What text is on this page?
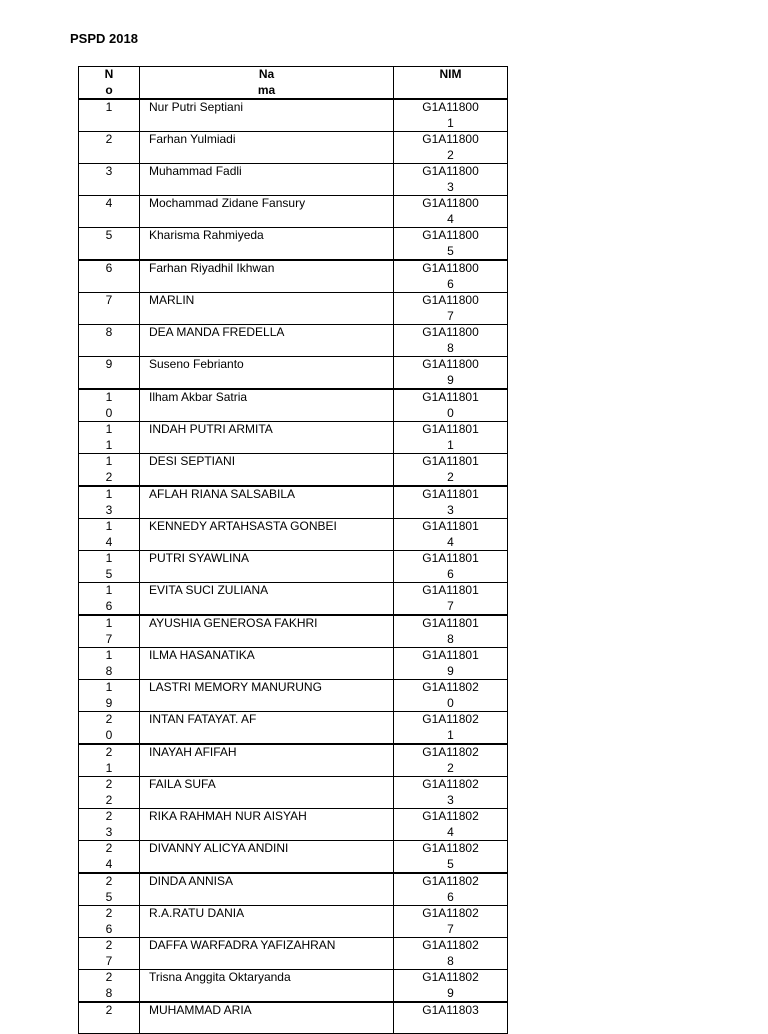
PSPD 2018
No	Nama	NIM

1	Nur Putri Septiani	G1A118001

2	Farhan Yulmiadi	G1A118002

3	Muhammad Fadli	G1A118003

4	Mochammad Zidane Fansury	G1A118004

5	Kharisma Rahmiyeda	G1A118005

6	Farhan Riyadhil Ikhwan	G1A118006

7	MARLIN	G1A118007

8	DEA MANDA FREDELLA	G1A118008

9	Suseno Febrianto	G1A118009

10	Ilham Akbar Satria	G1A118010

11	INDAH PUTRI ARMITA	G1A118011

12	DESI SEPTIANI	G1A118012

13	AFLAH RIANA SALSABILA	G1A118013

14	KENNEDY ARTAHSASTA GONBEI	G1A118014

15	PUTRI SYAWLINA	G1A118016

16	EVITA SUCI ZULIANA	G1A118017

17	AYUSHIA GENEROSA FAKHRI	G1A118018

18	ILMA HASANATIKA	G1A118019

19	LASTRI MEMORY MANURUNG	G1A118020

20	INTAN FATAYAT. AF	G1A118021

21	INAYAH AFIFAH	G1A118022

22	FAILA SUFA	G1A118023

23	RIKA RAHMAH NUR AISYAH	G1A118024

24	DIVANNY ALICYA ANDINI	G1A118025

25	DINDA ANNISA	G1A118026

26	R.A.RATU DANIA	G1A118027

27	DAFFA WARFADRA YAFIZAHRAN	G1A118028

28	Trisna Anggita Oktaryanda	G1A118029

2	MUHAMMAD ARIA	G1A11803
